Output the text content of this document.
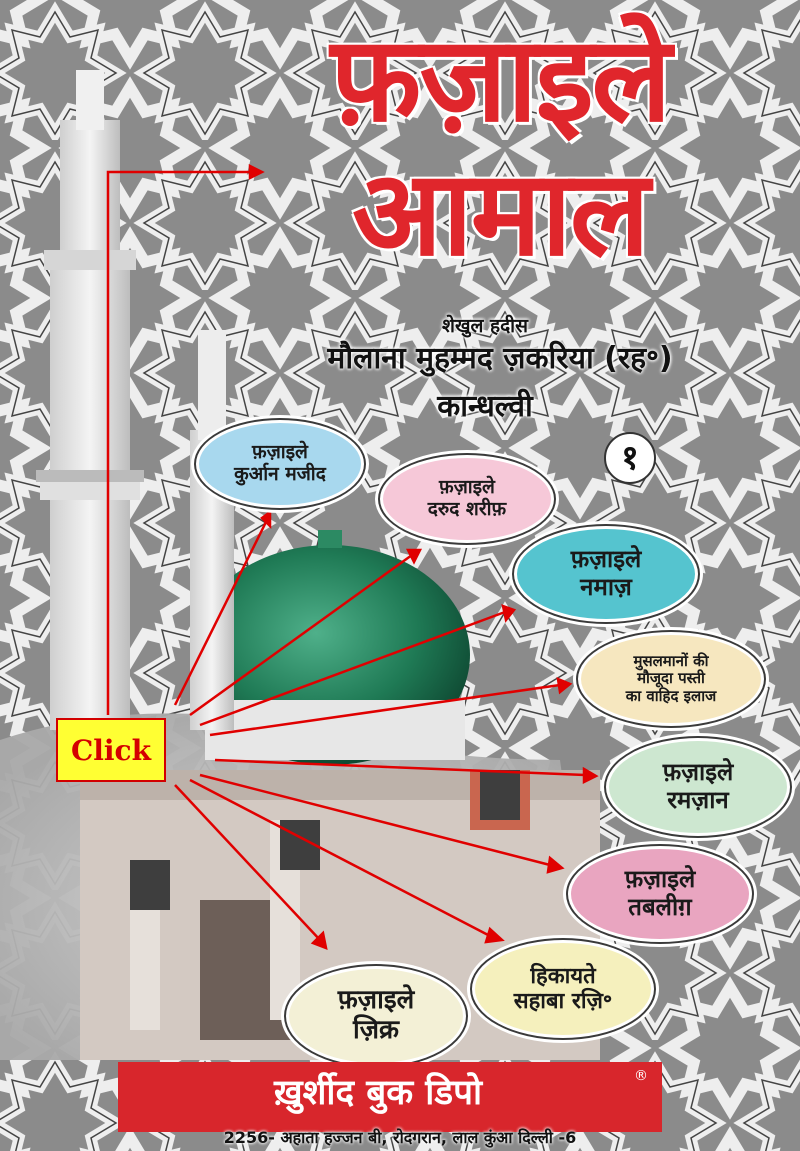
फ़ज़ाइले
आमाल
शेखुल हदीस
मौलाना मुहम्मद ज़करिया (रह॰)
कान्धल्वी
१
फ़ज़ाइले
कुर्आन मजीद
फ़ज़ाइले
दरुद शरीफ़
फ़ज़ाइले
नमाज़
मुसलमानों की
मौजूदा पस्ती
का वाहिद इलाज
फ़ज़ाइले
रमज़ान
फ़ज़ाइले
तबलीग़
हिकायते
सहाबा रज़ि॰
फ़ज़ाइले
ज़िक्र
Click
ख़ुर्शीद बुक डिपो	®
2256- अहाता हज्जन बी, रोदगरान, लाल कुंआ दिल्ली -6
